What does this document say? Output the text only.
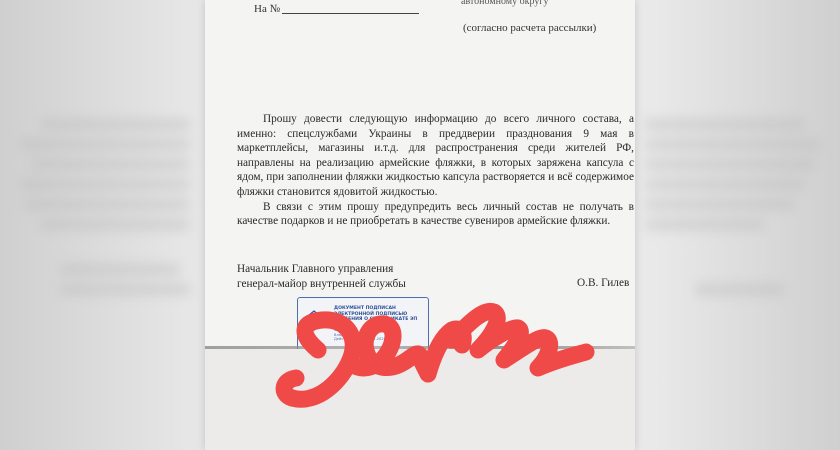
автономному округу
На №
(согласно расчета рассылки)

Прошу довести следующую информацию до всего личного состава, а именно: спецслужбами Украины в преддверии празднования 9 мая в маркетплейсы, магазины и.т.д. для распространения среди жителей РФ, направлены на реализацию армейские фляжки, в которых заряжена капсула с ядом, при заполнении фляжки жидкостью капсула растворяется и всё содержимое фляжки становится ядовитой жидкостью.

В связи с этим прошу предупредить весь личный состав не получать в качестве подарков и не приобретать в качестве сувениров армейские фляжки.

Начальник Главного управления
генерал-майор внутренней службы	О.В. Гилев
ДОКУМЕНТ ПОДПИСАН
ЭЛЕКТРОННОЙ ПОДПИСЬЮ
СВЕДЕНИЯ О СЕРТИФИКАТЕ ЭП
Сертификат
Владелец
Действителен с 14.05.2020
